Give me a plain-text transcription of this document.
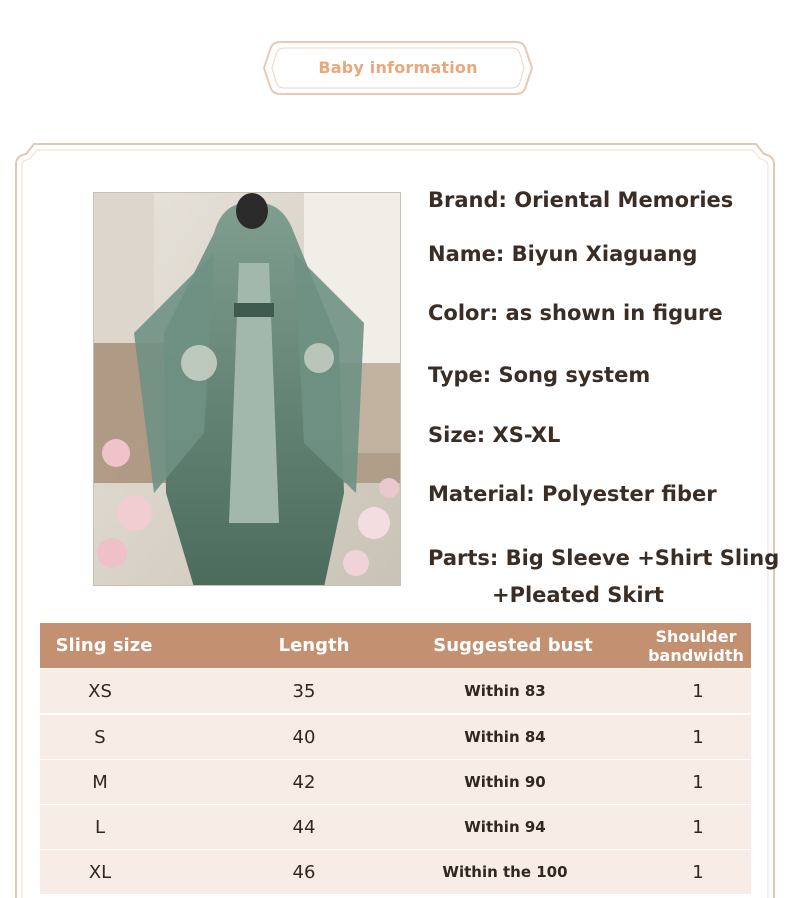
Baby information
Brand: Oriental Memories
Name: Biyun Xiaguang
Color: as shown in figure
Type: Song system
Size: XS-XL
Material: Polyester fiber
Parts: Big Sleeve +Shirt Sling
+Pleated Skirt
Sling size	Length	Suggested bust	Shoulder bandwidth
XS	35	Within 83	1
S	40	Within 84	1
M	42	Within 90	1
L	44	Within 94	1
XL	46	Within the 100	1
